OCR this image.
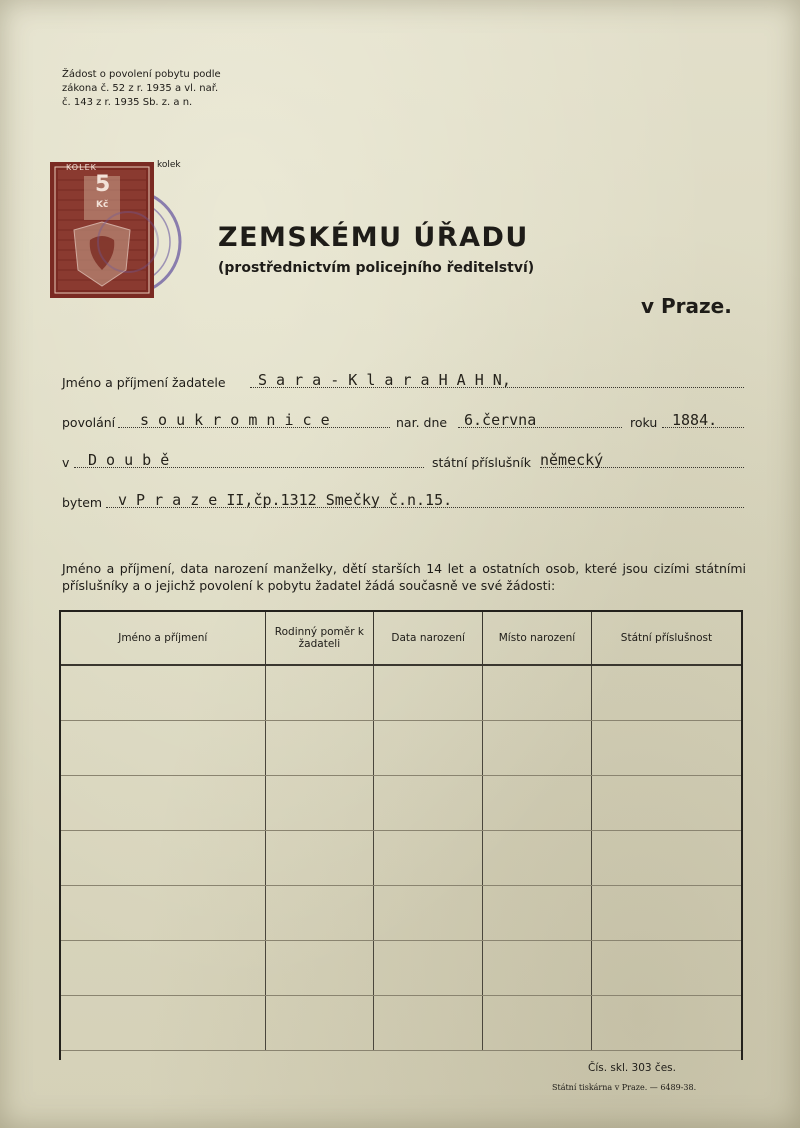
Žádost o povolení pobytu podle
zákona č. 52 z r. 1935 a vl. nař.
č. 143 z r. 1935 Sb. z. a n.
KOLEK
5
Kč
kolek
ZEMSKÉMU ÚŘADU
(prostřednictvím policejního ředitelství)
v Praze.
Jméno a příjmení žadatele S a r a - K l a r a H A H N,
povolání s o u k r o m n i c e	nar. dne 6.června	roku 1884.
v D o u b ě	státní příslušník německý
bytem v P r a z e II,čp.1312 Smečky č.n.15.
Jméno a příjmení, data narození manželky, dětí starších 14 let a ostatních osob, které jsou cizími státními příslušníky a o jejichž povolení k pobytu žadatel žádá současně ve své žádosti:
Jméno a příjmení	Rodinný poměr k žadateli	Data narození	Místo narození	Státní příslušnost

Čís. skl. 303 čes.
Státní tiskárna v Praze. — 6489-38.
